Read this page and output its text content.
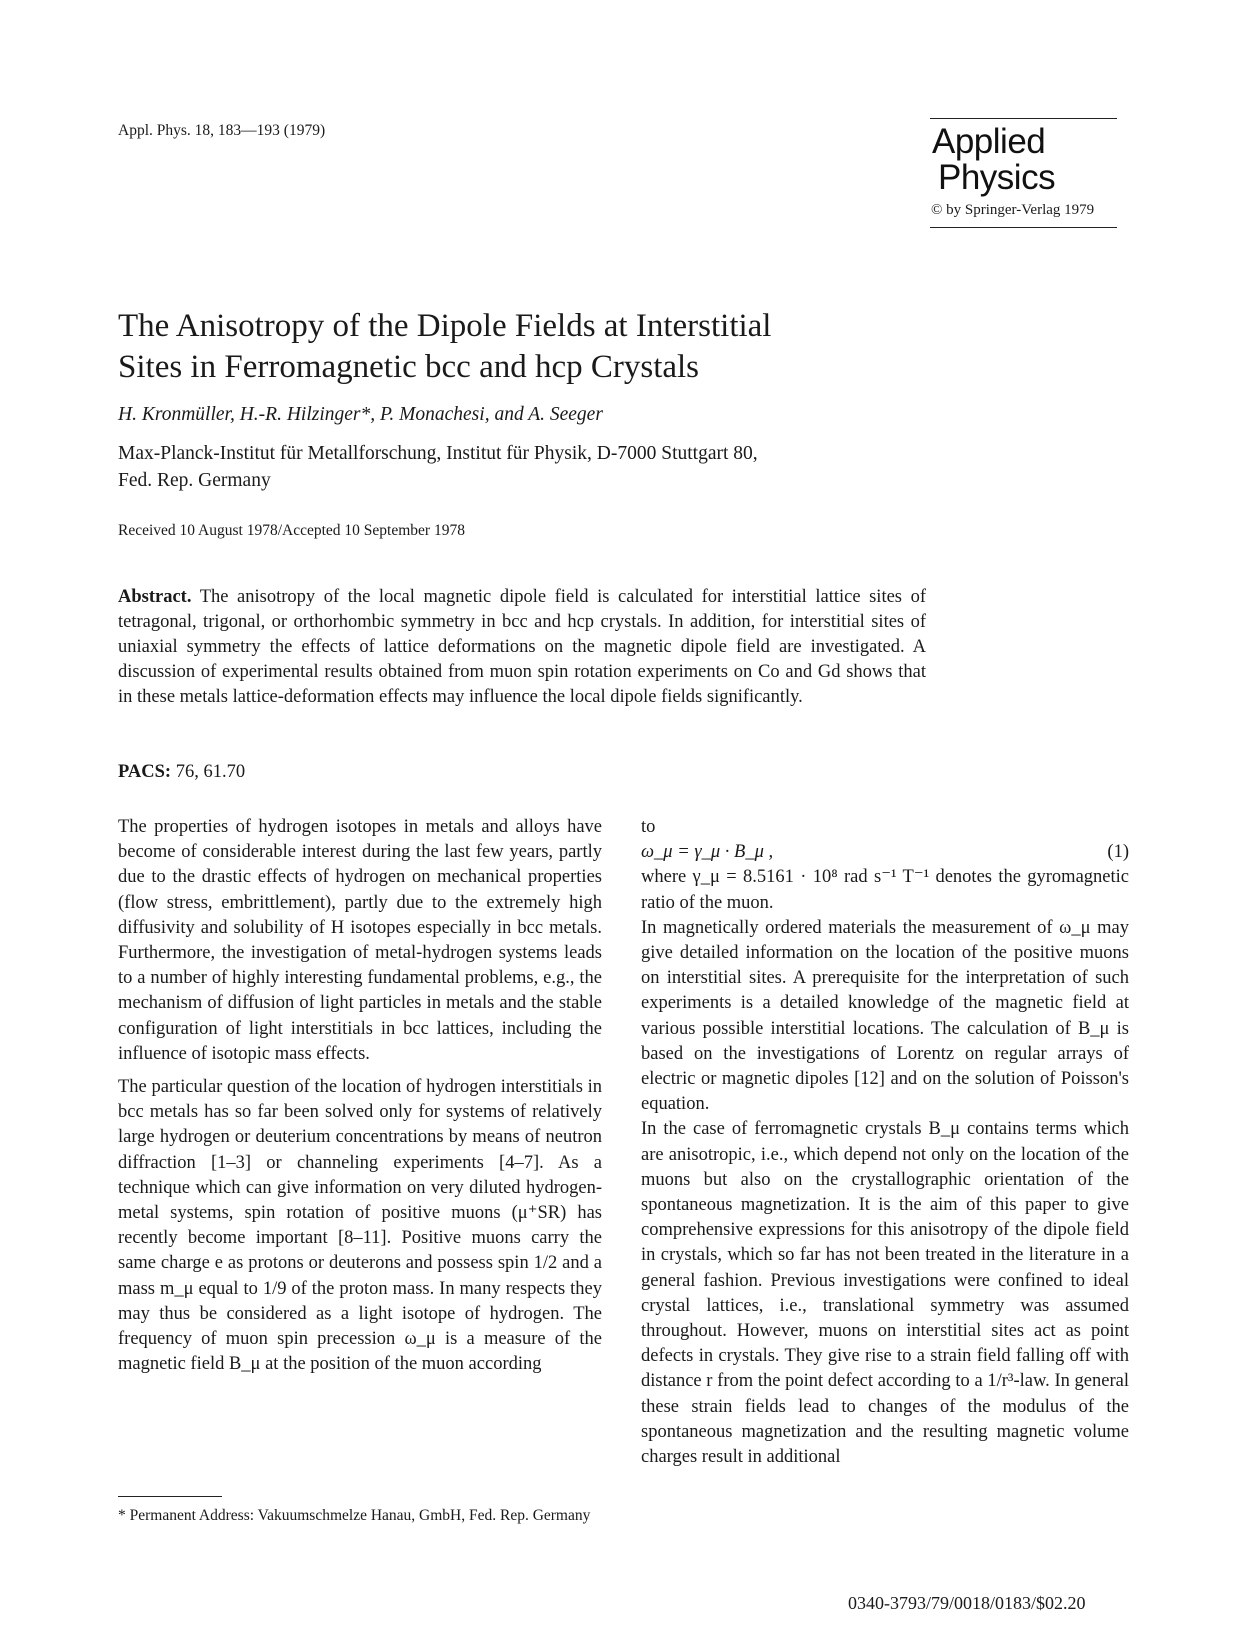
Appl. Phys. 18, 183—193 (1979)	Applied
Physics
© by Springer-Verlag 1979
The Anisotropy of the Dipole Fields at Interstitial
Sites in Ferromagnetic bcc and hcp Crystals
H. Kronmüller, H.-R. Hilzinger*, P. Monachesi, and A. Seeger
Max-Planck-Institut für Metallforschung, Institut für Physik, D-7000 Stuttgart 80,
Fed. Rep. Germany
Received 10 August 1978/Accepted 10 September 1978
Abstract. The anisotropy of the local magnetic dipole field is calculated for interstitial lattice sites of tetragonal, trigonal, or orthorhombic symmetry in bcc and hcp crystals. In addition, for interstitial sites of uniaxial symmetry the effects of lattice deformations on the magnetic dipole field are investigated. A discussion of experimental results obtained from muon spin rotation experiments on Co and Gd shows that in these metals lattice-deformation effects may influence the local dipole fields significantly.
PACS: 76, 61.70

The properties of hydrogen isotopes in metals and alloys have become of considerable interest during the last few years, partly due to the drastic effects of hydrogen on mechanical properties (flow stress, embrittlement), partly due to the extremely high diffusivity and solubility of H isotopes especially in bcc metals. Furthermore, the investigation of metal-hydrogen systems leads to a number of highly interesting fundamental problems, e.g., the mechanism of diffusion of light particles in metals and the stable configuration of light interstitials in bcc lattices, including the influence of isotopic mass effects.

The particular question of the location of hydrogen interstitials in bcc metals has so far been solved only for systems of relatively large hydrogen or deuterium concentrations by means of neutron diffraction [1–3] or channeling experiments [4–7]. As a technique which can give information on very diluted hydrogen-metal systems, spin rotation of positive muons (μ⁺SR) has recently become important [8–11]. Positive muons carry the same charge e as protons or deuterons and possess spin 1/2 and a mass m_μ equal to 1/9 of the proton mass. In many respects they may thus be considered as a light isotope of hydrogen. The frequency of muon spin precession ω_μ is a measure of the magnetic field B_μ at the position of the muon according

to
ω_μ = γ_μ · B_μ ,	(1)

where γ_μ = 8.5161 · 10⁸ rad s⁻¹ T⁻¹ denotes the gyromagnetic ratio of the muon.

In magnetically ordered materials the measurement of ω_μ may give detailed information on the location of the positive muons on interstitial sites. A prerequisite for the interpretation of such experiments is a detailed knowledge of the magnetic field at various possible interstitial locations. The calculation of B_μ is based on the investigations of Lorentz on regular arrays of electric or magnetic dipoles [12] and on the solution of Poisson's equation.

In the case of ferromagnetic crystals B_μ contains terms which are anisotropic, i.e., which depend not only on the location of the muons but also on the crystallographic orientation of the spontaneous magnetization. It is the aim of this paper to give comprehensive expressions for this anisotropy of the dipole field in crystals, which so far has not been treated in the literature in a general fashion. Previous investigations were confined to ideal crystal lattices, i.e., translational symmetry was assumed throughout. However, muons on interstitial sites act as point defects in crystals. They give rise to a strain field falling off with distance r from the point defect according to a 1/r³-law. In general these strain fields lead to changes of the modulus of the spontaneous magnetization and the resulting magnetic volume charges result in additional

* Permanent Address: Vakuumschmelze Hanau, GmbH, Fed. Rep. Germany
0340-3793/79/0018/0183/$02.20
